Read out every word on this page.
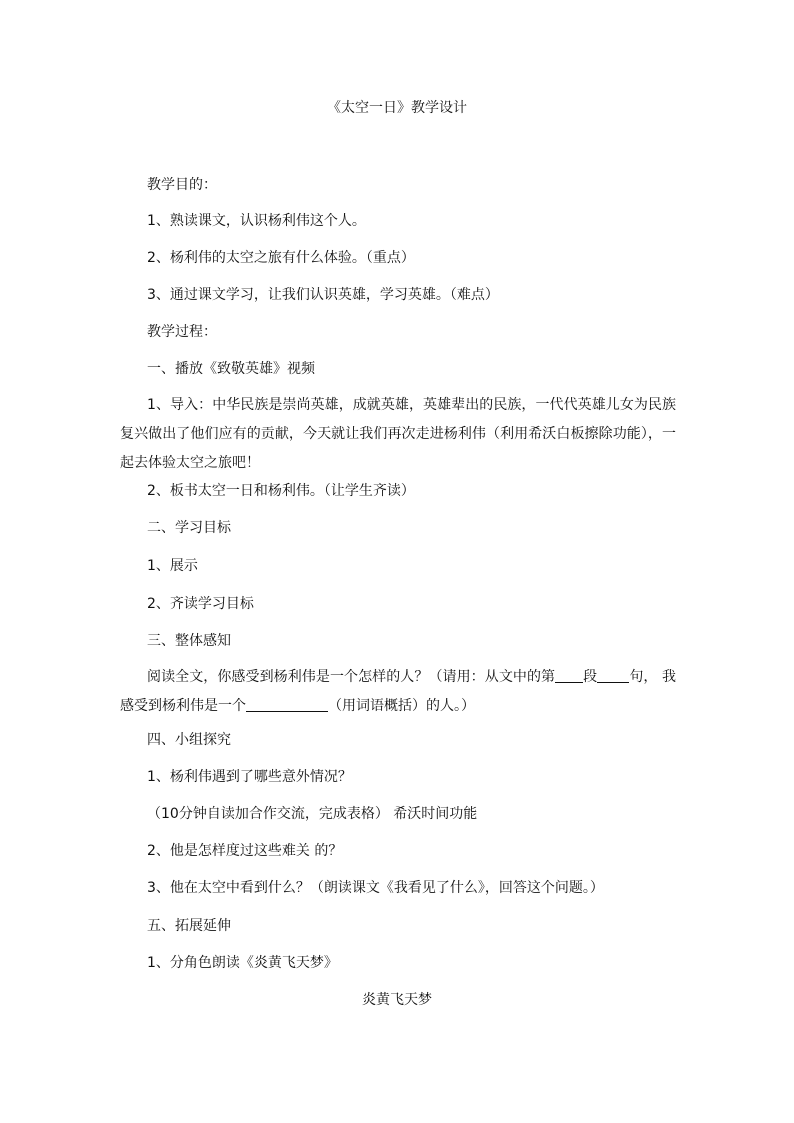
《太空一日》教学设计
教学目的：
1、熟读课文，认识杨利伟这个人。
2、杨利伟的太空之旅有什么体验。（重点）
3、通过课文学习，让我们认识英雄，学习英雄。（难点）
教学过程：
一、播放《致敬英雄》视频
1、导入：中华民族是崇尚英雄，成就英雄，英雄辈出的民族，一代代英雄儿女为民族复兴做出了他们应有的贡献，今天就让我们再次走进杨利伟（利用希沃白板擦除功能），一起去体验太空之旅吧！
2、板书太空一日和杨利伟。（让学生齐读）
二、学习目标
1、展示
2、齐读学习目标
三、整体感知
阅读全文，你感受到杨利伟是一个怎样的人？（请用：从文中的第 段 句， 我感受到杨利伟是一个	（用词语概括）的人。）
四、小组探究
1、杨利伟遇到了哪些意外情况？
（10分钟自读加合作交流，完成表格） 希沃时间功能
2、他是怎样度过这些难关 的？
3、他在太空中看到什么？（朗读课文《我看见了什么》，回答这个问题。）
五、拓展延伸
1、分角色朗读《炎黄飞天梦》
炎黄飞天梦
